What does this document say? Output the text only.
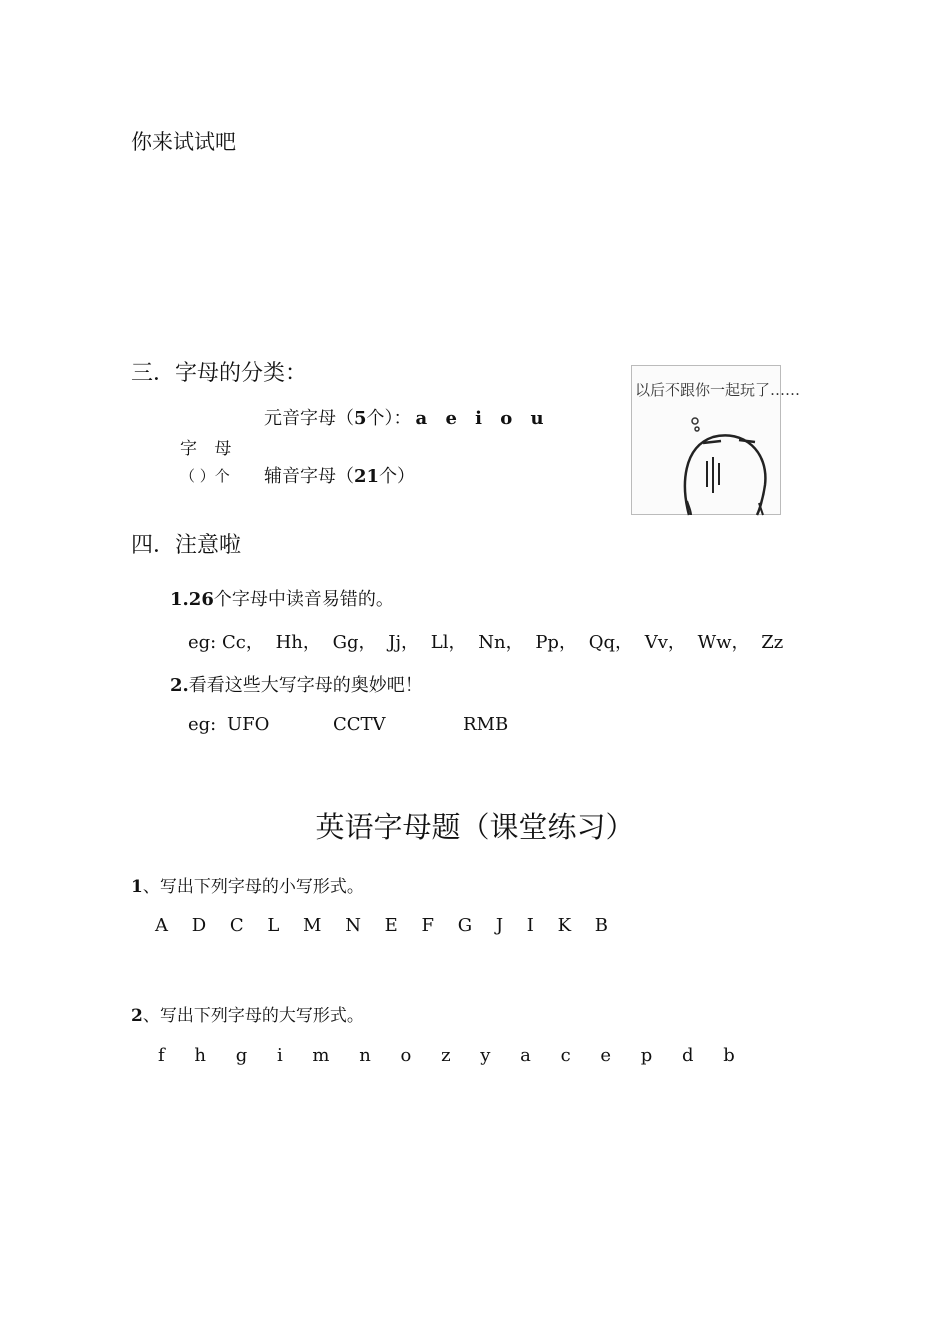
你来试试吧
三．字母的分类：
元音字母（5个）： a e i o u
字 母
（ ）个 辅音字母（21个）
以后不跟你一起玩了……
四．注意啦
1.26个字母中读音易错的。
eg: Cc， Hh， Gg， Jj， Ll， Nn， Pp， Qq， Vv， Ww， Zz
2.看看这些大写字母的奥妙吧！
eg: UFO	CCTV	RMB
英语字母题（课堂练习）
1、写出下列字母的小写形式。
A D C L M N E F G J I K B
2、写出下列字母的大写形式。
f h g i m n o z y a c e p d b
